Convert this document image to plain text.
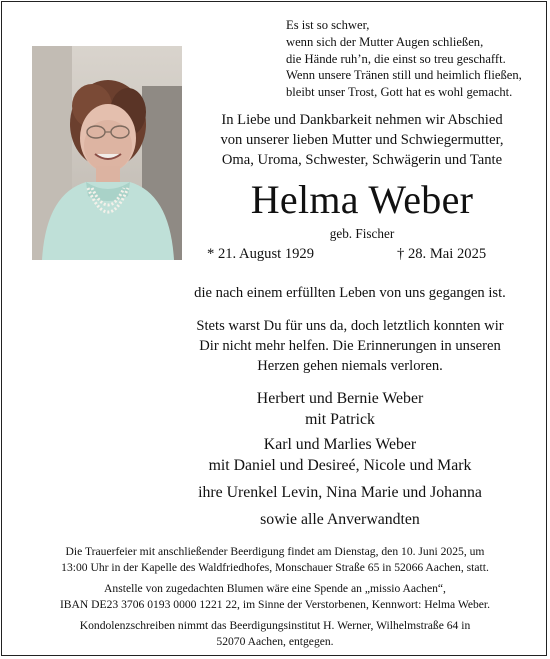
Es ist so schwer,
wenn sich der Mutter Augen schließen,
die Hände ruh’n, die einst so treu geschafft.
Wenn unsere Tränen still und heimlich fließen,
bleibt unser Trost, Gott hat es wohl gemacht.
In Liebe und Dankbarkeit nehmen wir Abschied
von unserer lieben Mutter und Schwiegermutter,
Oma, Uroma, Schwester, Schwägerin und Tante
Helma Weber
geb. Fischer
* 21. August 1929	† 28. Mai 2025
die nach einem erfüllten Leben von uns gegangen ist.
Stets warst Du für uns da, doch letztlich konnten wir
Dir nicht mehr helfen. Die Erinnerungen in unseren
Herzen gehen niemals verloren.
Herbert und Bernie Weber
mit Patrick
Karl und Marlies Weber
mit Daniel und Desireé, Nicole und Mark
ihre Urenkel Levin, Nina Marie und Johanna
sowie alle Anverwandten
Die Trauerfeier mit anschließender Beerdigung findet am Dienstag, den 10. Juni 2025, um
13:00 Uhr in der Kapelle des Waldfriedhofes, Monschauer Straße 65 in 52066 Aachen, statt.
Anstelle von zugedachten Blumen wäre eine Spende an „missio Aachen“,
IBAN DE23 3706 0193 0000 1221 22, im Sinne der Verstorbenen, Kennwort: Helma Weber.
Kondolenzschreiben nimmt das Beerdigungsinstitut H. Werner, Wilhelmstraße 64 in
52070 Aachen, entgegen.
